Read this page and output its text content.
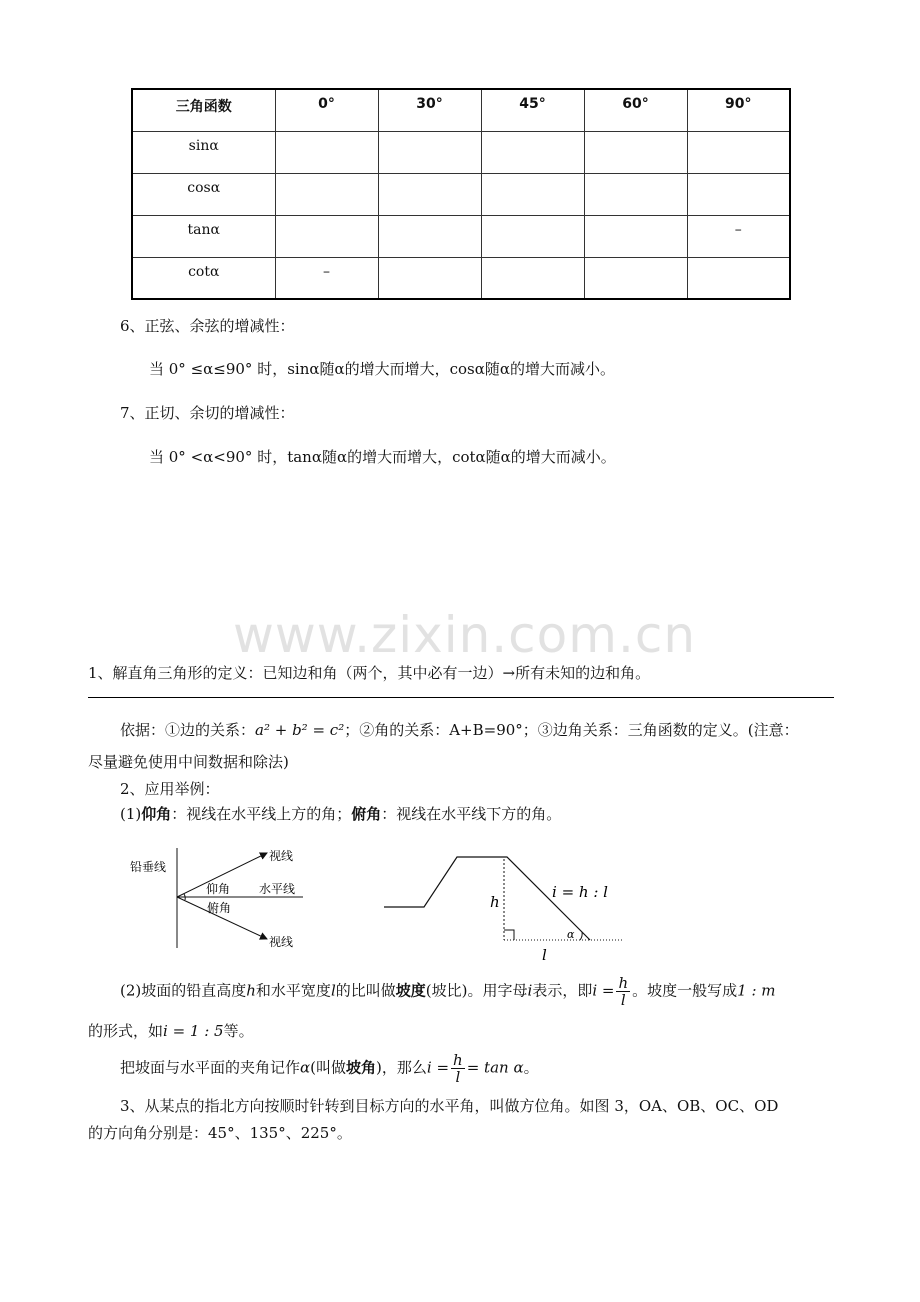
三角函数	0°	30°	45°	60°	90°
sinα					
cosα					
tanα					–
cotα	–				
6、正弦、余弦的增减性：
当 0° ≤α≤90° 时，sinα随α的增大而增大，cosα随α的增大而减小。
7、正切、余切的增减性：
当 0° <α<90° 时，tanα随α的增大而增大，cotα随α的增大而减小。
www.zixin.com.cn
1、解直角三角形的定义：已知边和角（两个，其中必有一边）→所有未知的边和角。
依据：①边的关系：a² + b² = c²；②角的关系：A+B=90°；③边角关系：三角函数的定义。(注意：
尽量避免使用中间数据和除法)
2、应用举例：
(1)仰角：视线在水平线上方的角；俯角：视线在水平线下方的角。
铅垂线
视线
水平线
仰角
俯角
视线
h
i = h : l
α
l
(2)坡面的铅直高度h和水平宽度l的比叫做坡度(坡比)。用字母i表示，即$i = \frac{h}{l}$ 。坡度一般写成1 : m
的形式，如i = 1 : 5等。
把坡面与水平面的夹角记作α(叫做坡角)，那么$i = \frac{h}{l} = \tan \alpha$。
3、从某点的指北方向按顺时针转到目标方向的水平角，叫做方位角。如图 3，OA、OB、OC、OD
的方向角分别是：45°、135°、225°。
